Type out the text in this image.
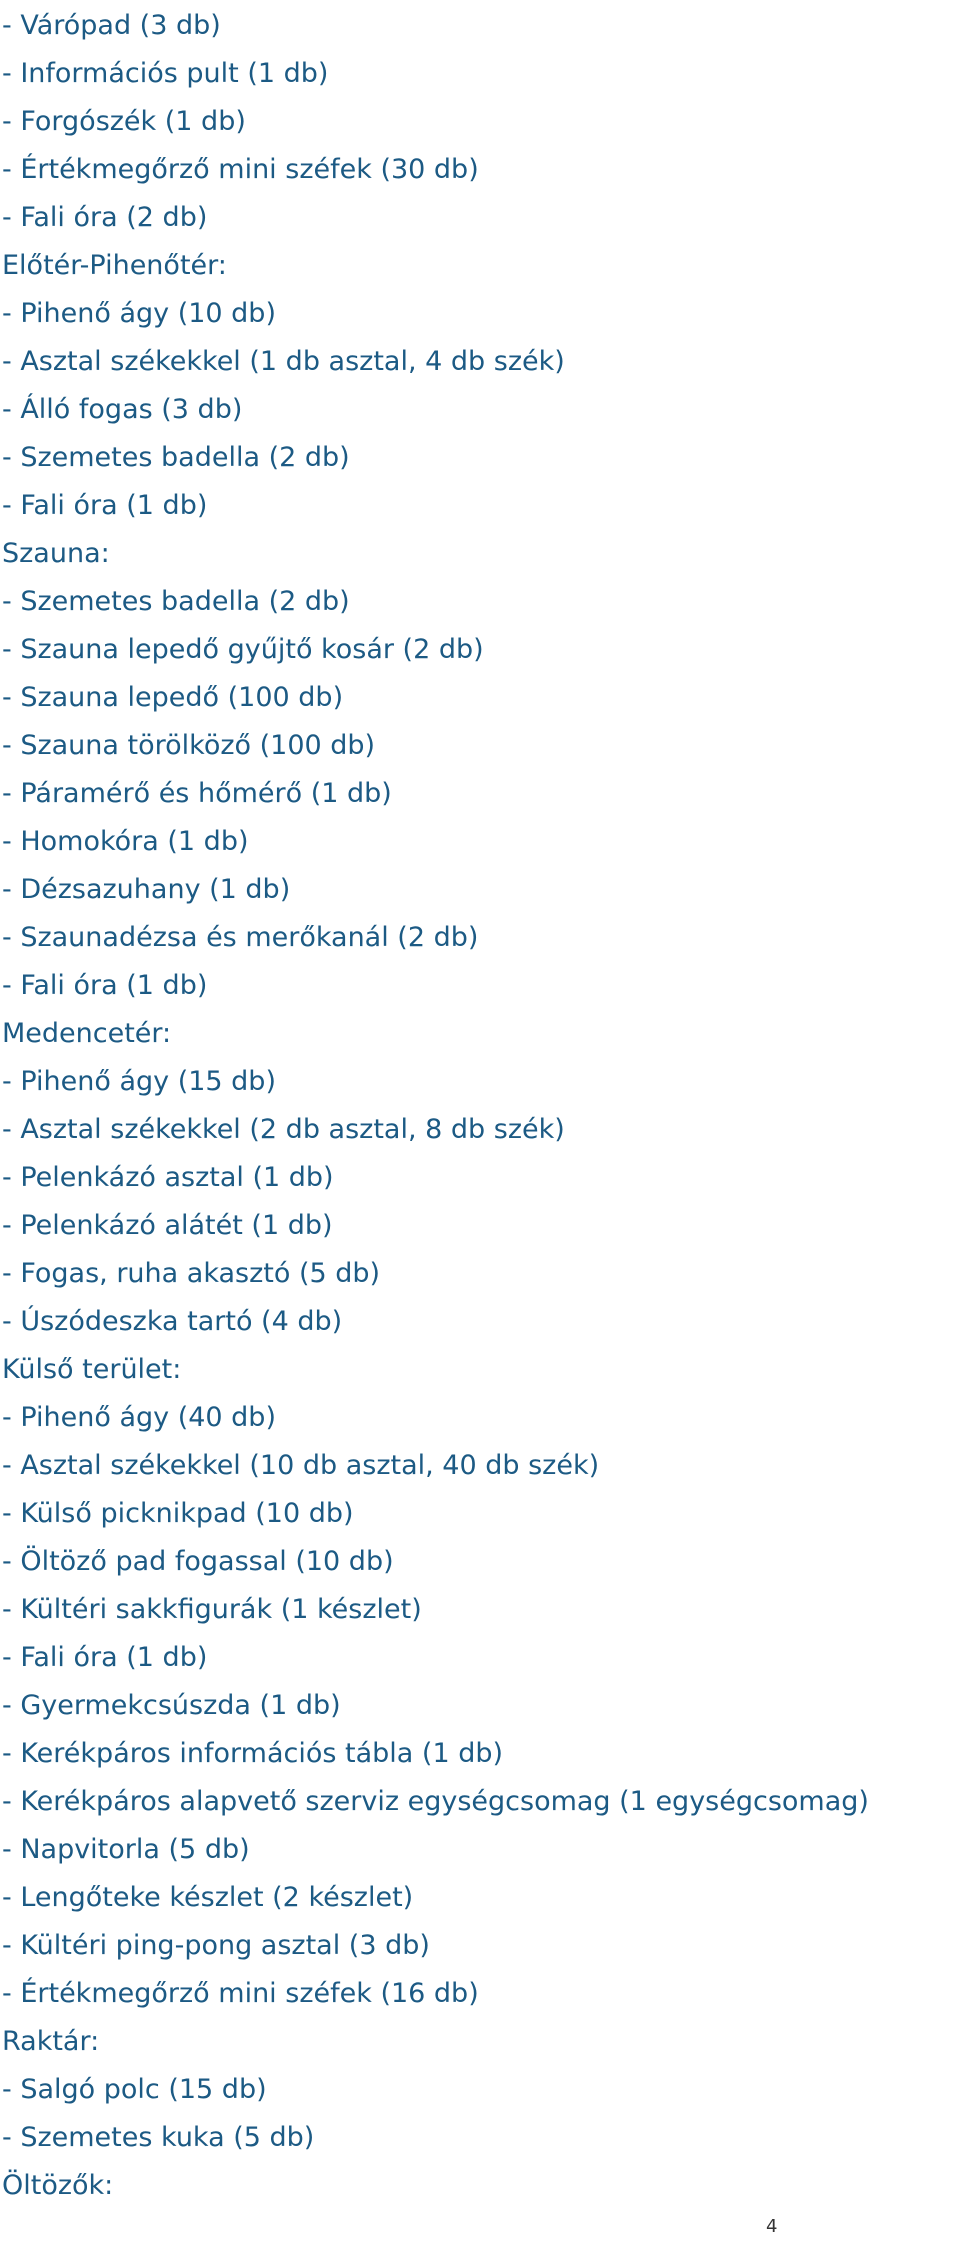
- Várópad (3 db)
- Információs pult (1 db)
- Forgószék (1 db)
- Értékmegőrző mini széfek (30 db)
- Fali óra (2 db)
Előtér-Pihenőtér:
- Pihenő ágy (10 db)
- Asztal székekkel (1 db asztal, 4 db szék)
- Álló fogas (3 db)
- Szemetes badella (2 db)
- Fali óra (1 db)
Szauna:
- Szemetes badella (2 db)
- Szauna lepedő gyűjtő kosár (2 db)
- Szauna lepedő (100 db)
- Szauna törölköző (100 db)
- Páramérő és hőmérő (1 db)
- Homokóra (1 db)
- Dézsazuhany (1 db)
- Szaunadézsa és merőkanál (2 db)
- Fali óra (1 db)
Medencetér:
- Pihenő ágy (15 db)
- Asztal székekkel (2 db asztal, 8 db szék)
- Pelenkázó asztal (1 db)
- Pelenkázó alátét (1 db)
- Fogas, ruha akasztó (5 db)
- Úszódeszka tartó (4 db)
Külső terület:
- Pihenő ágy (40 db)
- Asztal székekkel (10 db asztal, 40 db szék)
- Külső picknikpad (10 db)
- Öltöző pad fogassal (10 db)
- Kültéri sakkfigurák (1 készlet)
- Fali óra (1 db)
- Gyermekcsúszda (1 db)
- Kerékpáros információs tábla (1 db)
- Kerékpáros alapvető szerviz egységcsomag (1 egységcsomag)
- Napvitorla (5 db)
- Lengőteke készlet (2 készlet)
- Kültéri ping-pong asztal (3 db)
- Értékmegőrző mini széfek (16 db)
Raktár:
- Salgó polc (15 db)
- Szemetes kuka (5 db)
Öltözők:
4
